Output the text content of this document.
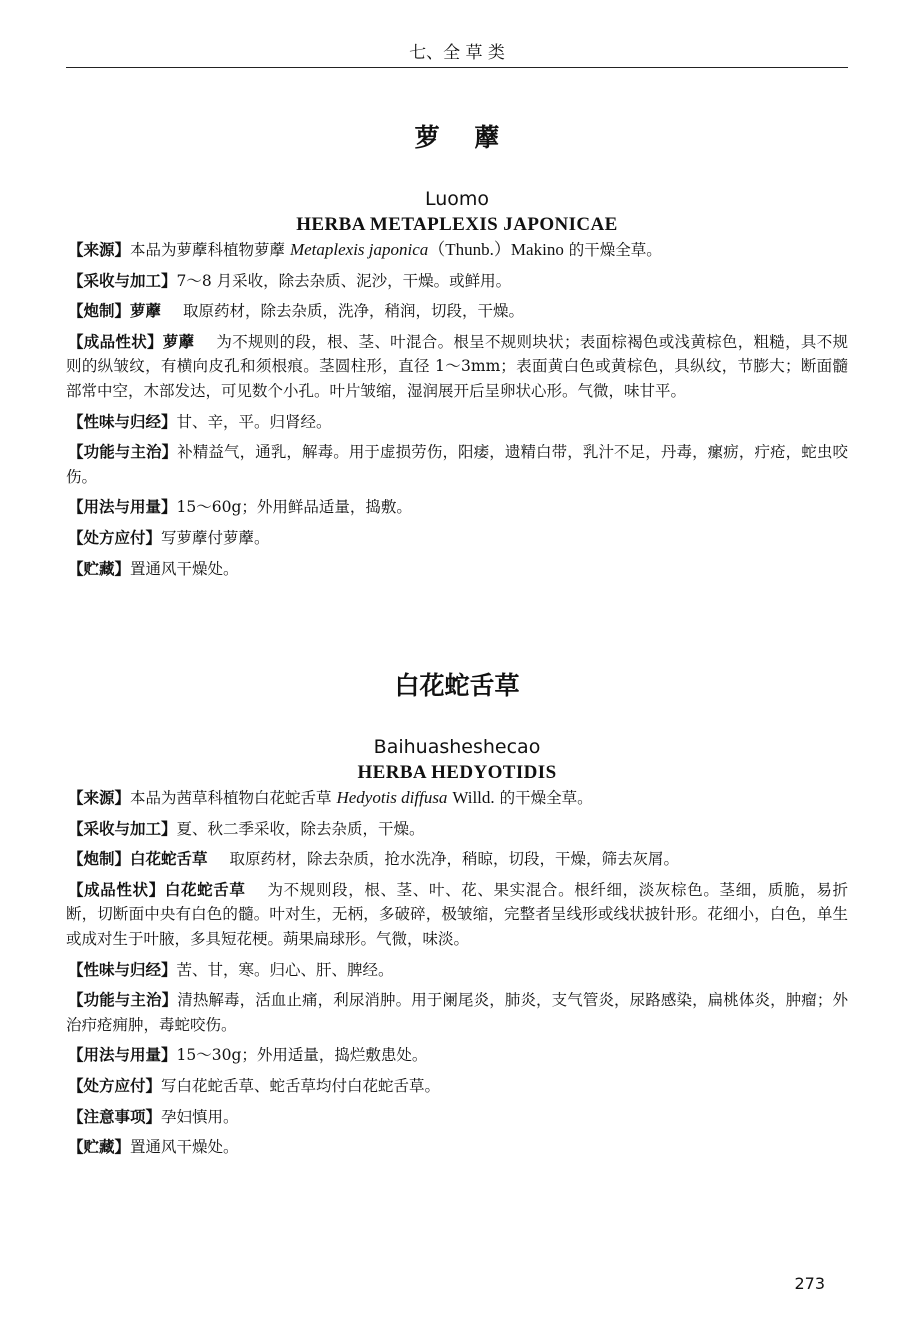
七、全 草 类
萝    藦
Luomo
HERBA METAPLEXIS JAPONICAE

【来源】本品为萝藦科植物萝藦 Metaplexis japonica（Thunb.）Makino 的干燥全草。

【采收与加工】7～8 月采收，除去杂质、泥沙，干燥。或鲜用。

【炮制】萝藦 取原药材，除去杂质，洗净，稍润，切段，干燥。

【成品性状】萝藦 为不规则的段，根、茎、叶混合。根呈不规则块状；表面棕褐色或浅黄棕色，粗糙，具不规则的纵皱纹，有横向皮孔和须根痕。茎圆柱形，直径 1～3mm；表面黄白色或黄棕色，具纵纹，节膨大；断面髓部常中空，木部发达，可见数个小孔。叶片皱缩，湿润展开后呈卵状心形。气微，味甘平。

【性味与归经】甘、辛，平。归肾经。

【功能与主治】补精益气，通乳，解毒。用于虚损劳伤，阳痿，遗精白带，乳汁不足，丹毒，瘰疬，疔疮，蛇虫咬伤。

【用法与用量】15～60g；外用鲜品适量，捣敷。

【处方应付】写萝藦付萝藦。

【贮藏】置通风干燥处。

白花蛇舌草
Baihuasheshecao
HERBA HEDYOTIDIS

【来源】本品为茜草科植物白花蛇舌草 Hedyotis diffusa Willd. 的干燥全草。

【采收与加工】夏、秋二季采收，除去杂质，干燥。

【炮制】白花蛇舌草 取原药材，除去杂质，抢水洗净，稍晾，切段，干燥，筛去灰屑。

【成品性状】白花蛇舌草 为不规则段，根、茎、叶、花、果实混合。根纤细，淡灰棕色。茎细，质脆，易折断，切断面中央有白色的髓。叶对生，无柄，多破碎，极皱缩，完整者呈线形或线状披针形。花细小，白色，单生或成对生于叶腋，多具短花梗。蒴果扁球形。气微，味淡。

【性味与归经】苦、甘，寒。归心、肝、脾经。

【功能与主治】清热解毒，活血止痛，利尿消肿。用于阑尾炎，肺炎，支气管炎，尿路感染，扁桃体炎，肿瘤；外治疖疮痈肿，毒蛇咬伤。

【用法与用量】15～30g；外用适量，捣烂敷患处。

【处方应付】写白花蛇舌草、蛇舌草均付白花蛇舌草。

【注意事项】孕妇慎用。

【贮藏】置通风干燥处。

273
